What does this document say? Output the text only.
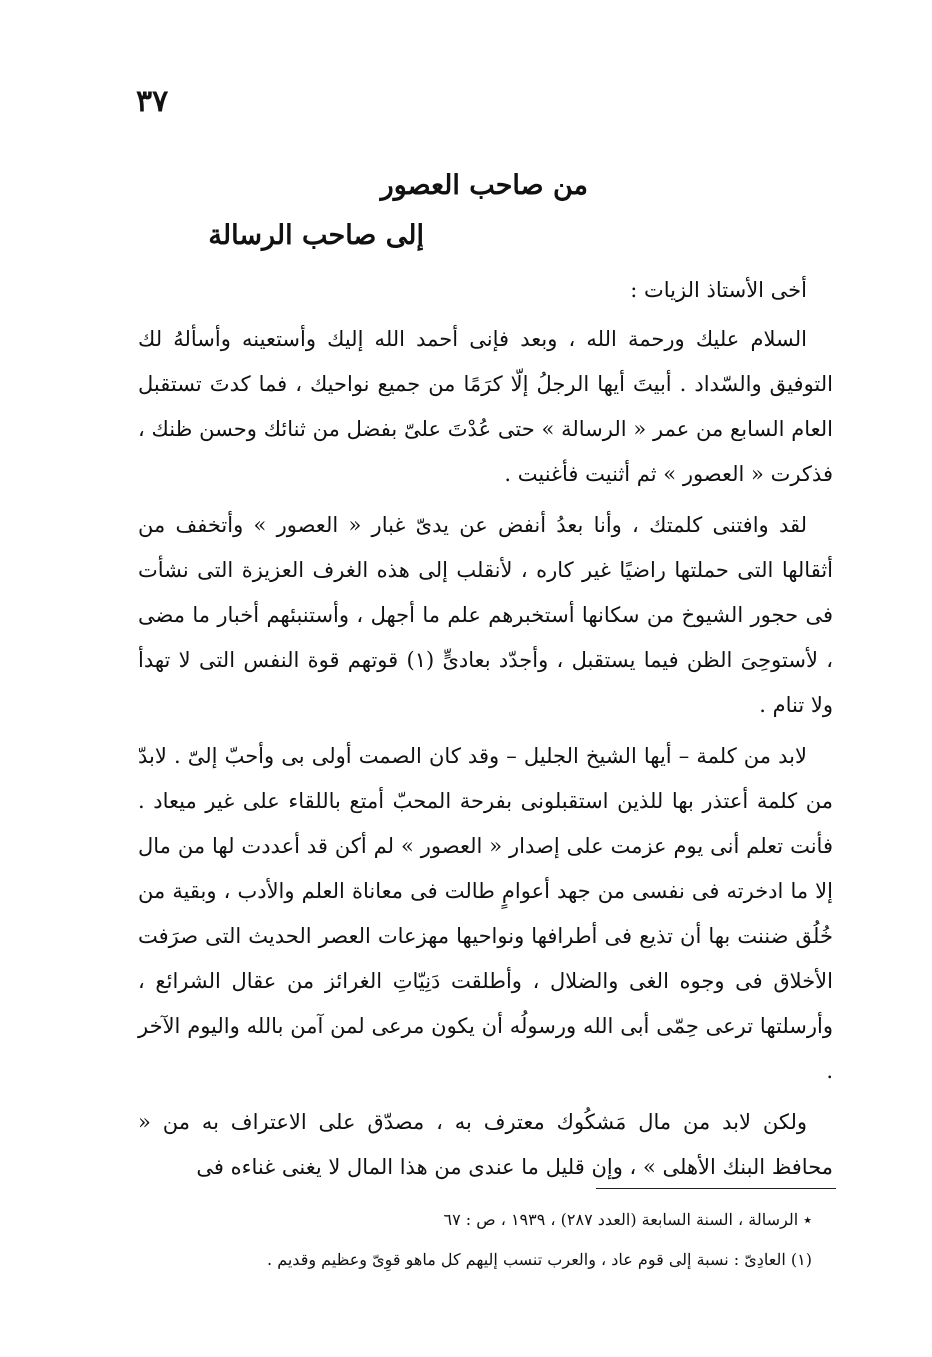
٣٧
من صاحب العصور
إلى صاحب الرسالة

أخى الأستاذ الزيات :

السلام عليك ورحمة الله ، وبعد فإنى أحمد الله إليك وأستعينه وأسألهُ لك التوفيق والسّداد . أبيتَ أيها الرجلُ إلّا كرَمًا من جميع نواحيك ، فما كدتَ تستقبل العام السابع من عمر « الرسالة » حتى عُدْتَ علىّ بفضل من ثنائك وحسن ظنك ، فذكرت « العصور » ثم أثنيت فأغنيت .

لقد وافتنى كلمتك ، وأنا بعدُ أنفض عن يدىّ غبار « العصور » وأتخفف من أثقالها التى حملتها راضيًا غير كاره ، لأنقلب إلى هذه الغرف العزيزة التى نشأت فى حجور الشيوخ من سكانها أستخبرهم علم ما أجهل ، وأستنبئهم أخبار ما مضى ، لأستوحِىَ الظن فيما يستقبل ، وأجدّد بعادىٍّ (١) قوتهم قوة النفس التى لا تهدأ ولا تنام .

لابد من كلمة – أيها الشيخ الجليل – وقد كان الصمت أولى بى وأحبّ إلىّ . لابدّ من كلمة أعتذر بها للذين استقبلونى بفرحة المحبّ أمتع باللقاء على غير ميعاد . فأنت تعلم أنى يوم عزمت على إصدار « العصور » لم أكن قد أعددت لها من مال إلا ما ادخرته فى نفسى من جهد أعوامٍ طالت فى معاناة العلم والأدب ، وبقية من خُلُق ضننت بها أن تذيع فى أطرافها ونواحيها مهزعات العصر الحديث التى صرَفت الأخلاق فى وجوه الغى والضلال ، وأطلقت دَنِيّاتِ الغرائز من عقال الشرائع ، وأرسلتها ترعى حِمّى أبى الله ورسولُه أن يكون مرعى لمن آمن بالله واليوم الآخر .

ولكن لابد من مال مَشكُوك معترف به ، مصدّق على الاعتراف به من « محافظ البنك الأهلى » ، وإن قليل ما عندى من هذا المال لا يغنى غناءه فى

٭ الرسالة ، السنة السابعة (العدد ٢٨٧) ، ١٩٣٩ ، ص : ٦٧

(١) العادِىّ : نسبة إلى قوم عاد ، والعرب تنسب إليهم كل ماهو قوِىّ وعظيم وقديم .
